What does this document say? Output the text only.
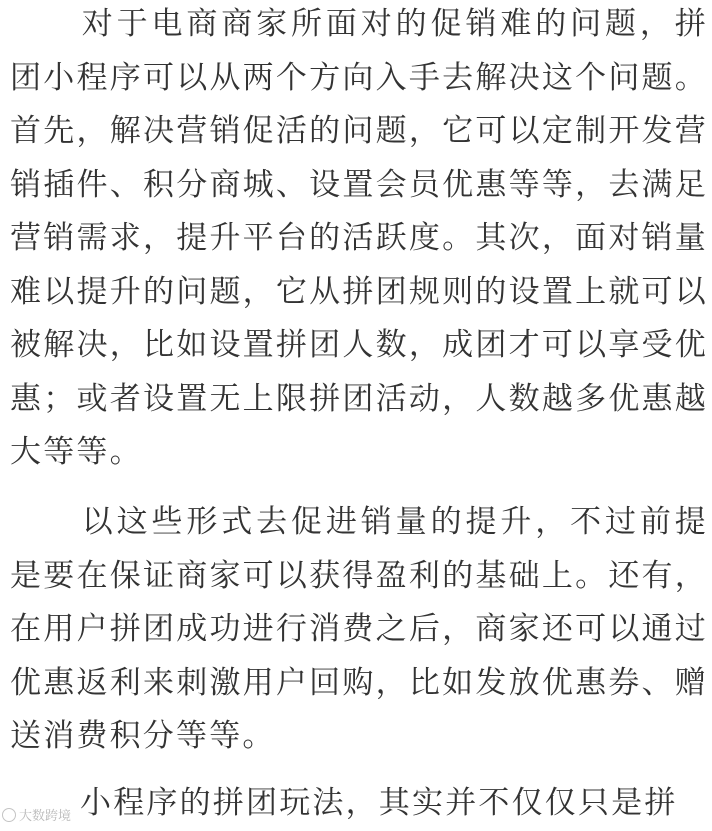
对于电商商家所面对的促销难的问题，拼团小程序可以从两个方向入手去解决这个问题。首先，解决营销促活的问题，它可以定制开发营销插件、积分商城、设置会员优惠等等，去满足营销需求，提升平台的活跃度。其次，面对销量难以提升的问题，它从拼团规则的设置上就可以被解决，比如设置拼团人数，成团才可以享受优惠；或者设置无上限拼团活动，人数越多优惠越大等等。

以这些形式去促进销量的提升，不过前提是要在保证商家可以获得盈利的基础上。还有，在用户拼团成功进行消费之后，商家还可以通过优惠返利来刺激用户回购，比如发放优惠券、赠送消费积分等等。

小程序的拼团玩法，其实并不仅仅只是拼

大数跨境
